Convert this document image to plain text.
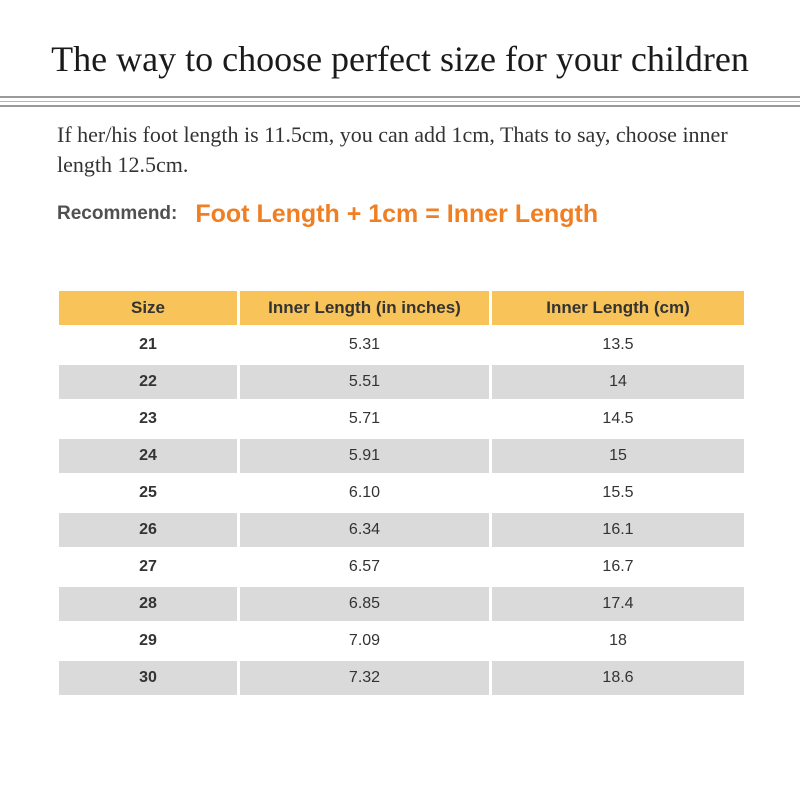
The way to choose perfect size for your children

If her/his foot length is 11.5cm, you can add 1cm, Thats to say, choose inner length 12.5cm.

Recommend: Foot Length + 1cm = Inner Length
Size	Inner Length (in inches)	Inner Length (cm)
21	5.31	13.5
22	5.51	14
23	5.71	14.5
24	5.91	15
25	6.10	15.5
26	6.34	16.1
27	6.57	16.7
28	6.85	17.4
29	7.09	18
30	7.32	18.6
